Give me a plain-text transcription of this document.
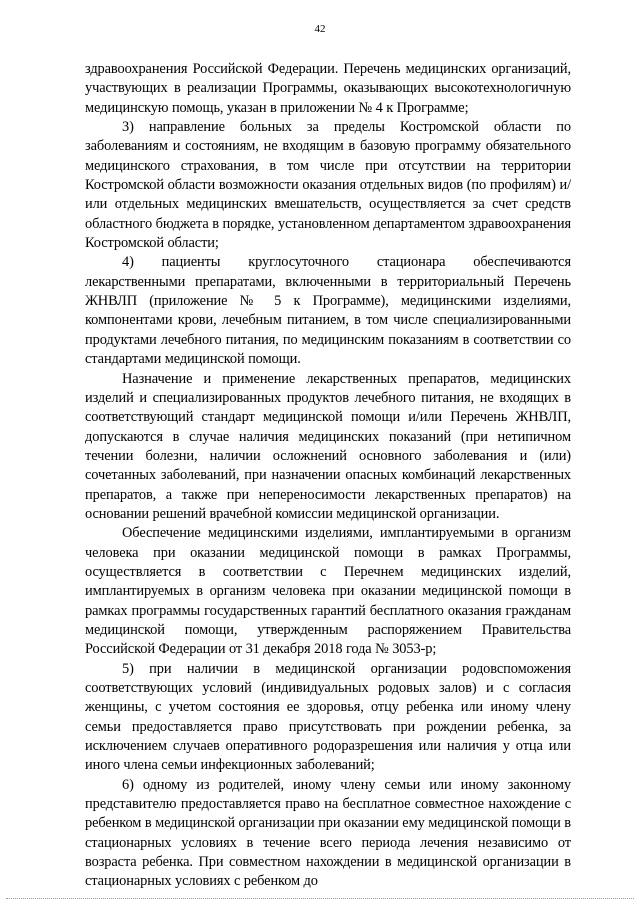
42

здравоохранения Российской Федерации. Перечень медицинских организаций, участвующих в реализации Программы, оказывающих высокотехнологичную медицинскую помощь, указан в приложении № 4 к Программе;

3) направление больных за пределы Костромской области по заболеваниям и состояниям, не входящим в базовую программу обязательного медицинского страхования, в том числе при отсутствии на территории Костромской области возможности оказания отдельных видов (по профилям) и/или отдельных медицинских вмешательств, осуществляется за счет средств областного бюджета в порядке, установленном департаментом здравоохранения Костромской области;

4) пациенты круглосуточного стационара обеспечиваются лекарственными препаратами, включенными в территориальный Перечень ЖНВЛП (приложение № 5 к Программе), медицинскими изделиями, компонентами крови, лечебным питанием, в том числе специализированными продуктами лечебного питания, по медицинским показаниям в соответствии со стандартами медицинской помощи.

Назначение и применение лекарственных препаратов, медицинских изделий и специализированных продуктов лечебного питания, не входящих в соответствующий стандарт медицинской помощи и/или Перечень ЖНВЛП, допускаются в случае наличия медицинских показаний (при нетипичном течении болезни, наличии осложнений основного заболевания и (или) сочетанных заболеваний, при назначении опасных комбинаций лекарственных препаратов, а также при непереносимости лекарственных препаратов) на основании решений врачебной комиссии медицинской организации.

Обеспечение медицинскими изделиями, имплантируемыми в организм человека при оказании медицинской помощи в рамках Программы, осуществляется в соответствии с Перечнем медицинских изделий, имплантируемых в организм человека при оказании медицинской помощи в рамках программы государственных гарантий бесплатного оказания гражданам медицинской помощи, утвержденным распоряжением Правительства Российской Федерации от 31 декабря 2018 года № 3053-р;

5) при наличии в медицинской организации родовспоможения соответствующих условий (индивидуальных родовых залов) и с согласия женщины, с учетом состояния ее здоровья, отцу ребенка или иному члену семьи предоставляется право присутствовать при рождении ребенка, за исключением случаев оперативного родоразрешения или наличия у отца или иного члена семьи инфекционных заболеваний;

6) одному из родителей, иному члену семьи или иному законному представителю предоставляется право на бесплатное совместное нахождение с ребенком в медицинской организации при оказании ему медицинской помощи в стационарных условиях в течение всего периода лечения независимо от возраста ребенка. При совместном нахождении в медицинской организации в стационарных условиях с ребенком до
